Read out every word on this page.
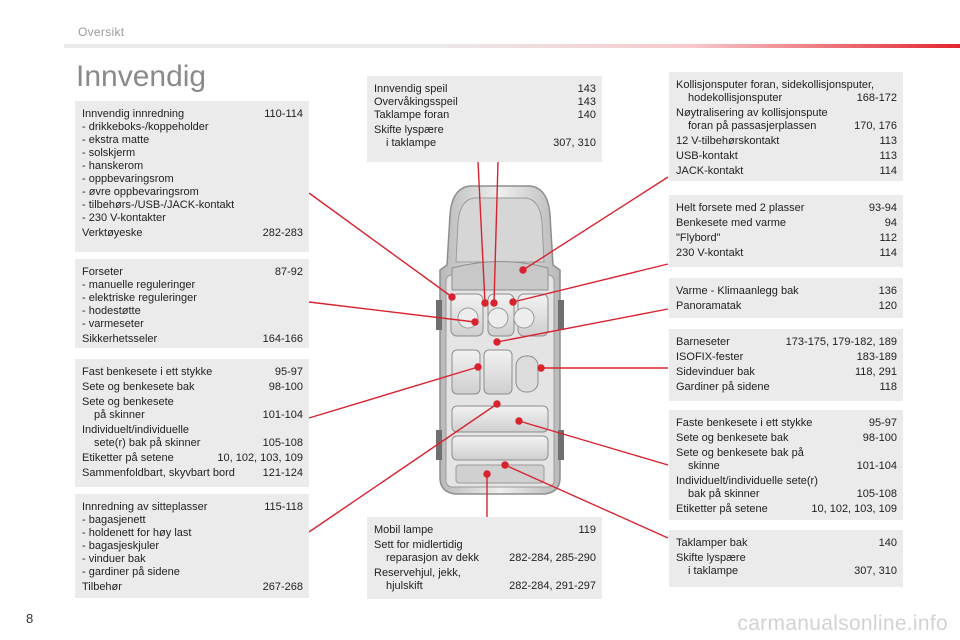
Oversikt
Innvendig
Innvendig innredning	110-114
- drikkeboks-/koppeholder
- ekstra matte
- solskjerm
- hanskerom
- oppbevaringsrom
- øvre oppbevaringsrom
- tilbehørs-/USB-/JACK-kontakt
- 230 V-kontakter
Verktøyeske	282-283
Forseter	87-92
- manuelle reguleringer
- elektriske reguleringer
- hodestøtte
- varmeseter
Sikkerhetsseler	164-166
Fast benkesete i ett stykke	95-97
Sete og benkesete bak	98-100
Sete og benkesete
på skinner	101-104
Individuelt/individuelle
sete(r) bak på skinner	105-108
Etiketter på setene	10, 102, 103, 109
Sammenfoldbart, skyvbart bord	121-124
Innredning av sitteplasser	115-118
- bagasjenett
- holdenett for høy last
- bagasjeskjuler
- vinduer bak
- gardiner på sidene
Tilbehør	267-268
Innvendig speil	143
Overvåkingsspeil	143
Taklampe foran	140
Skifte lyspære
i taklampe	307, 310
Mobil lampe	119
Sett for midlertidig
reparasjon av dekk	282-284, 285-290
Reservehjul, jekk,
hjulskift	282-284, 291-297
Kollisjonsputer foran, sidekollisjonsputer,
hodekollisjonsputer	168-172
Nøytralisering av kollisjonspute
foran på passasjerplassen	170, 176
12 V-tilbehørskontakt	113
USB-kontakt	113
JACK-kontakt	114
Helt forsete med 2 plasser	93-94
Benkesete med varme	94
"Flybord"	112
230 V-kontakt	114
Varme - Klimaanlegg bak	136
Panoramatak	120
Barneseter	173-175, 179-182, 189
ISOFIX-fester	183-189
Sidevinduer bak	118, 291
Gardiner på sidene	118
Faste benkesete i ett stykke	95-97
Sete og benkesete bak	98-100
Sete og benkesete bak på
skinne	101-104
Individuelt/individuelle sete(r)
bak på skinner	105-108
Etiketter på setene	10, 102, 103, 109
Taklamper bak	140
Skifte lyspære
i taklampe	307, 310
8	carmanualsonline.info
